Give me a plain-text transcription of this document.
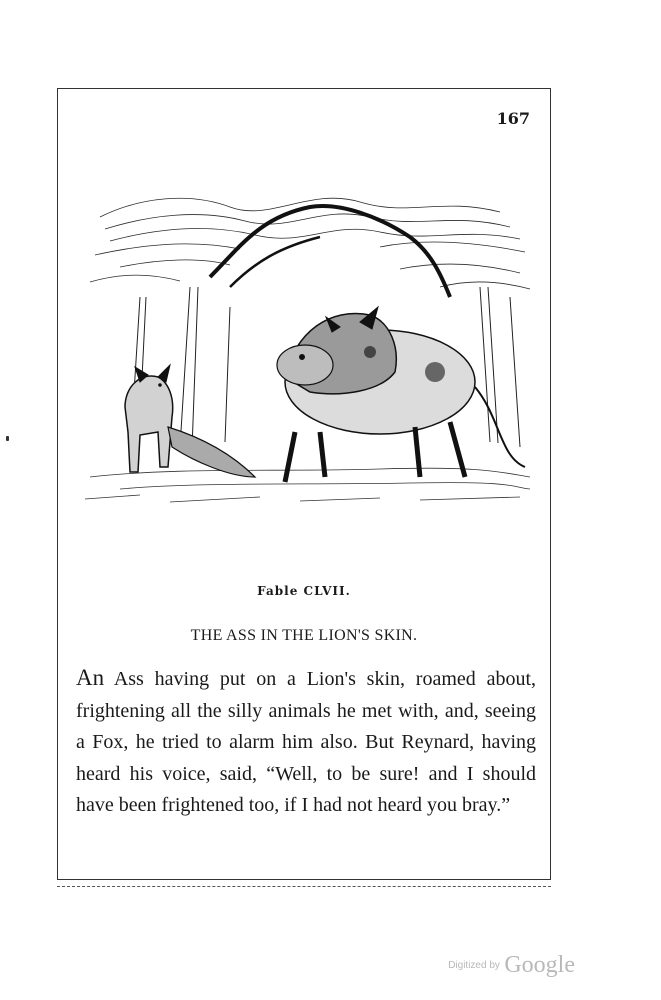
167
Fable CLVII.
THE ASS IN THE LION'S SKIN.

An Ass having put on a Lion's skin, roamed about, frightening all the silly animals he met with, and, seeing a Fox, he tried to alarm him also. But Reynard, having heard his voice, said, “Well, to be sure! and I should have been frightened too, if I had not heard you bray.”

Digitized by Google
